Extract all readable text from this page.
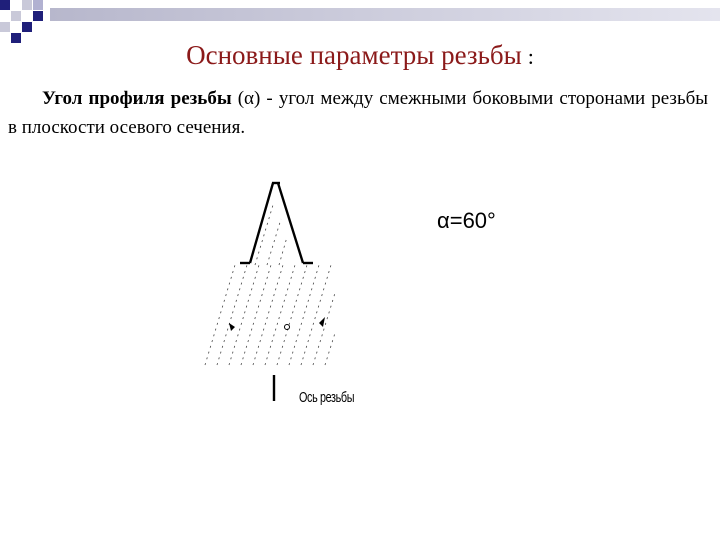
Основные параметры резьбы :
Угол профиля резьбы (α) - угол между смежными боковыми сторонами резьбы в плоскости осевого сечения.
α=60°
Ось резьбы
